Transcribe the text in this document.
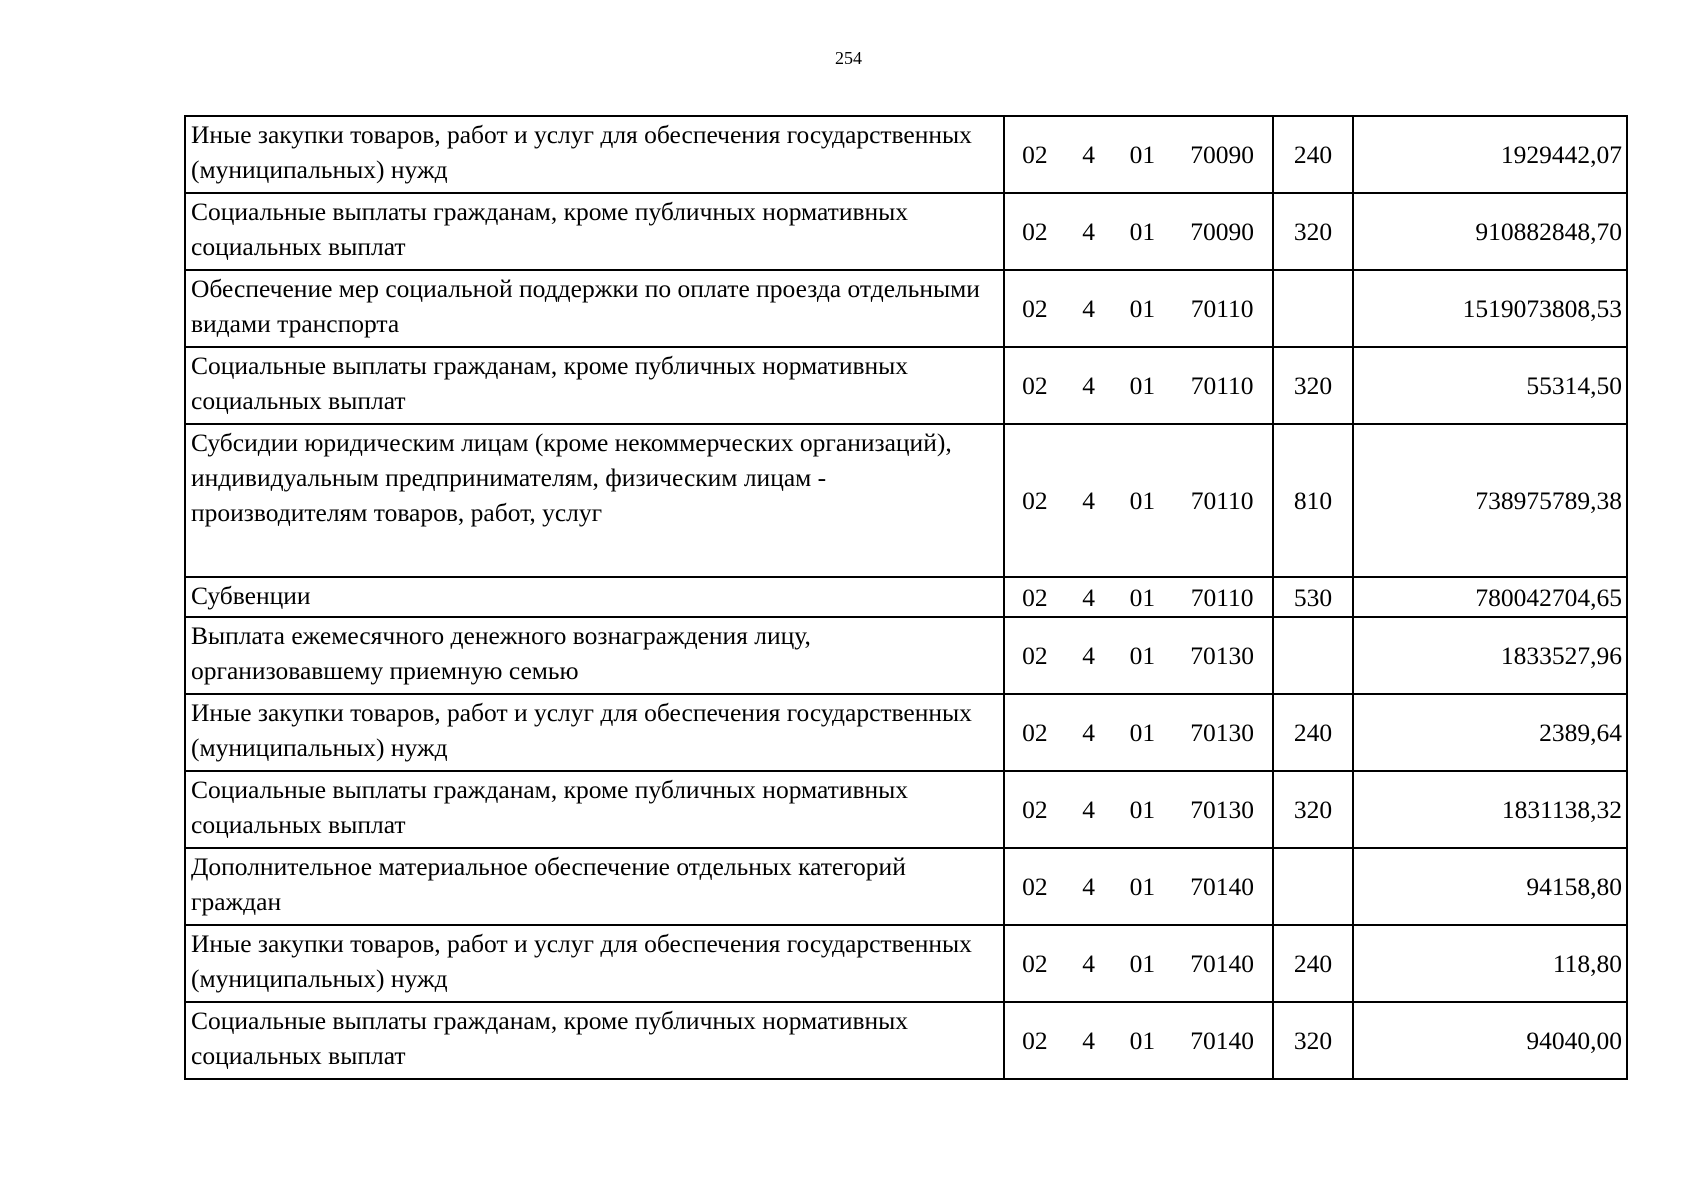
254
Иные закупки товаров, работ и услуг для обеспечения государственных (муниципальных) нужд	02 4 01 70090	240	1929442,07
Социальные выплаты гражданам, кроме публичных нормативных социальных выплат	02 4 01 70090	320	910882848,70
Обеспечение мер социальной поддержки по оплате проезда отдельными видами транспорта	02 4 01 70110		1519073808,53
Социальные выплаты гражданам, кроме публичных нормативных социальных выплат	02 4 01 70110	320	55314,50
Субсидии юридическим лицам (кроме некоммерческих организаций), индивидуальным предпринимателям, физическим лицам - производителям товаров, работ, услуг	02 4 01 70110	810	738975789,38
Субвенции	02 4 01 70110	530	780042704,65
Выплата ежемесячного денежного вознаграждения лицу, организовавшему приемную семью	02 4 01 70130		1833527,96
Иные закупки товаров, работ и услуг для обеспечения государственных (муниципальных) нужд	02 4 01 70130	240	2389,64
Социальные выплаты гражданам, кроме публичных нормативных социальных выплат	02 4 01 70130	320	1831138,32
Дополнительное материальное обеспечение отдельных категорий граждан	02 4 01 70140		94158,80
Иные закупки товаров, работ и услуг для обеспечения государственных (муниципальных) нужд	02 4 01 70140	240	118,80
Социальные выплаты гражданам, кроме публичных нормативных социальных выплат	02 4 01 70140	320	94040,00
